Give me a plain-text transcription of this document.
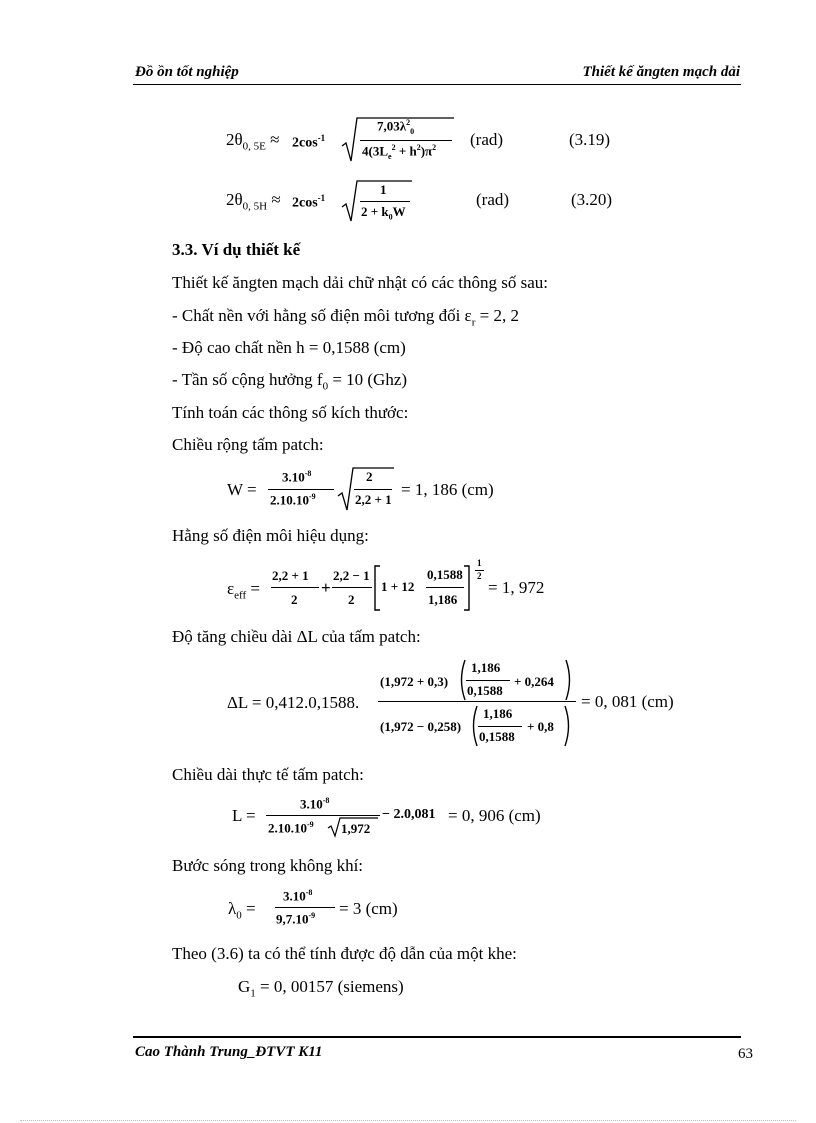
Đồ ồn tốt nghiệp	Thiết kế ăngten mạch dải
$2\theta_{0, 5E} \approx 2\cos^{-1}$
$7,03\lambda^2_0$
$4(3L_e^2 + h^2)\pi^2$ (rad)	(3.19)
$2\theta_{0, 5H} \approx 2\cos^{-1}$
1
$2 + k_0W$
(rad)	(3.20)
3.3. Ví dụ thiết kế
Thiết kế ăngten mạch dải chữ nhật có các thông số sau:
- Chất nền với hằng số điện môi tương đối $\varepsilon_r = 2$, 2
- Độ cao chất nền h = 0,1588 (cm)
- Tần số cộng hưởng $f_0 = 10$ (Ghz)
Tính toán các thông số kích thước:
Chiều rộng tấm patch:
W =
$3.10^{-8}$
$2.10.10^{-9}$
2
2,2 + 1
= 1, 186 (cm)
Hằng số điện môi hiệu dụng:
$\varepsilon_{eff}$ =
2,2 + 1
2
+
2,2 − 1
2
1 + 12
0,1588
1,186
1
2
= 1, 972
Độ tăng chiều dài ΔL của tấm patch:
ΔL = 0,412.0,1588.
(1,972 + 0,3)
1,186
0,1588
+ 0,264
(1,972 − 0,258)
1,186
0,1588
+ 0,8
= 0, 081 (cm)
Chiều dài thực tế tấm patch:
L =
$3.10^{-8}$
$2.10.10^{-9}$ 1,972
− 2.0,081 = 0, 906 (cm)
Bước sóng trong không khí:
$\lambda_0$ =
$3.10^{-8}$
$9,7.10^{-9} = 3$ (cm)
Theo (3.6) ta có thể tính được độ dẫn của một khe:
$G_1 = 0$, 00157 (siemens)
Cao Thành Trung_ĐTVT K11	63
